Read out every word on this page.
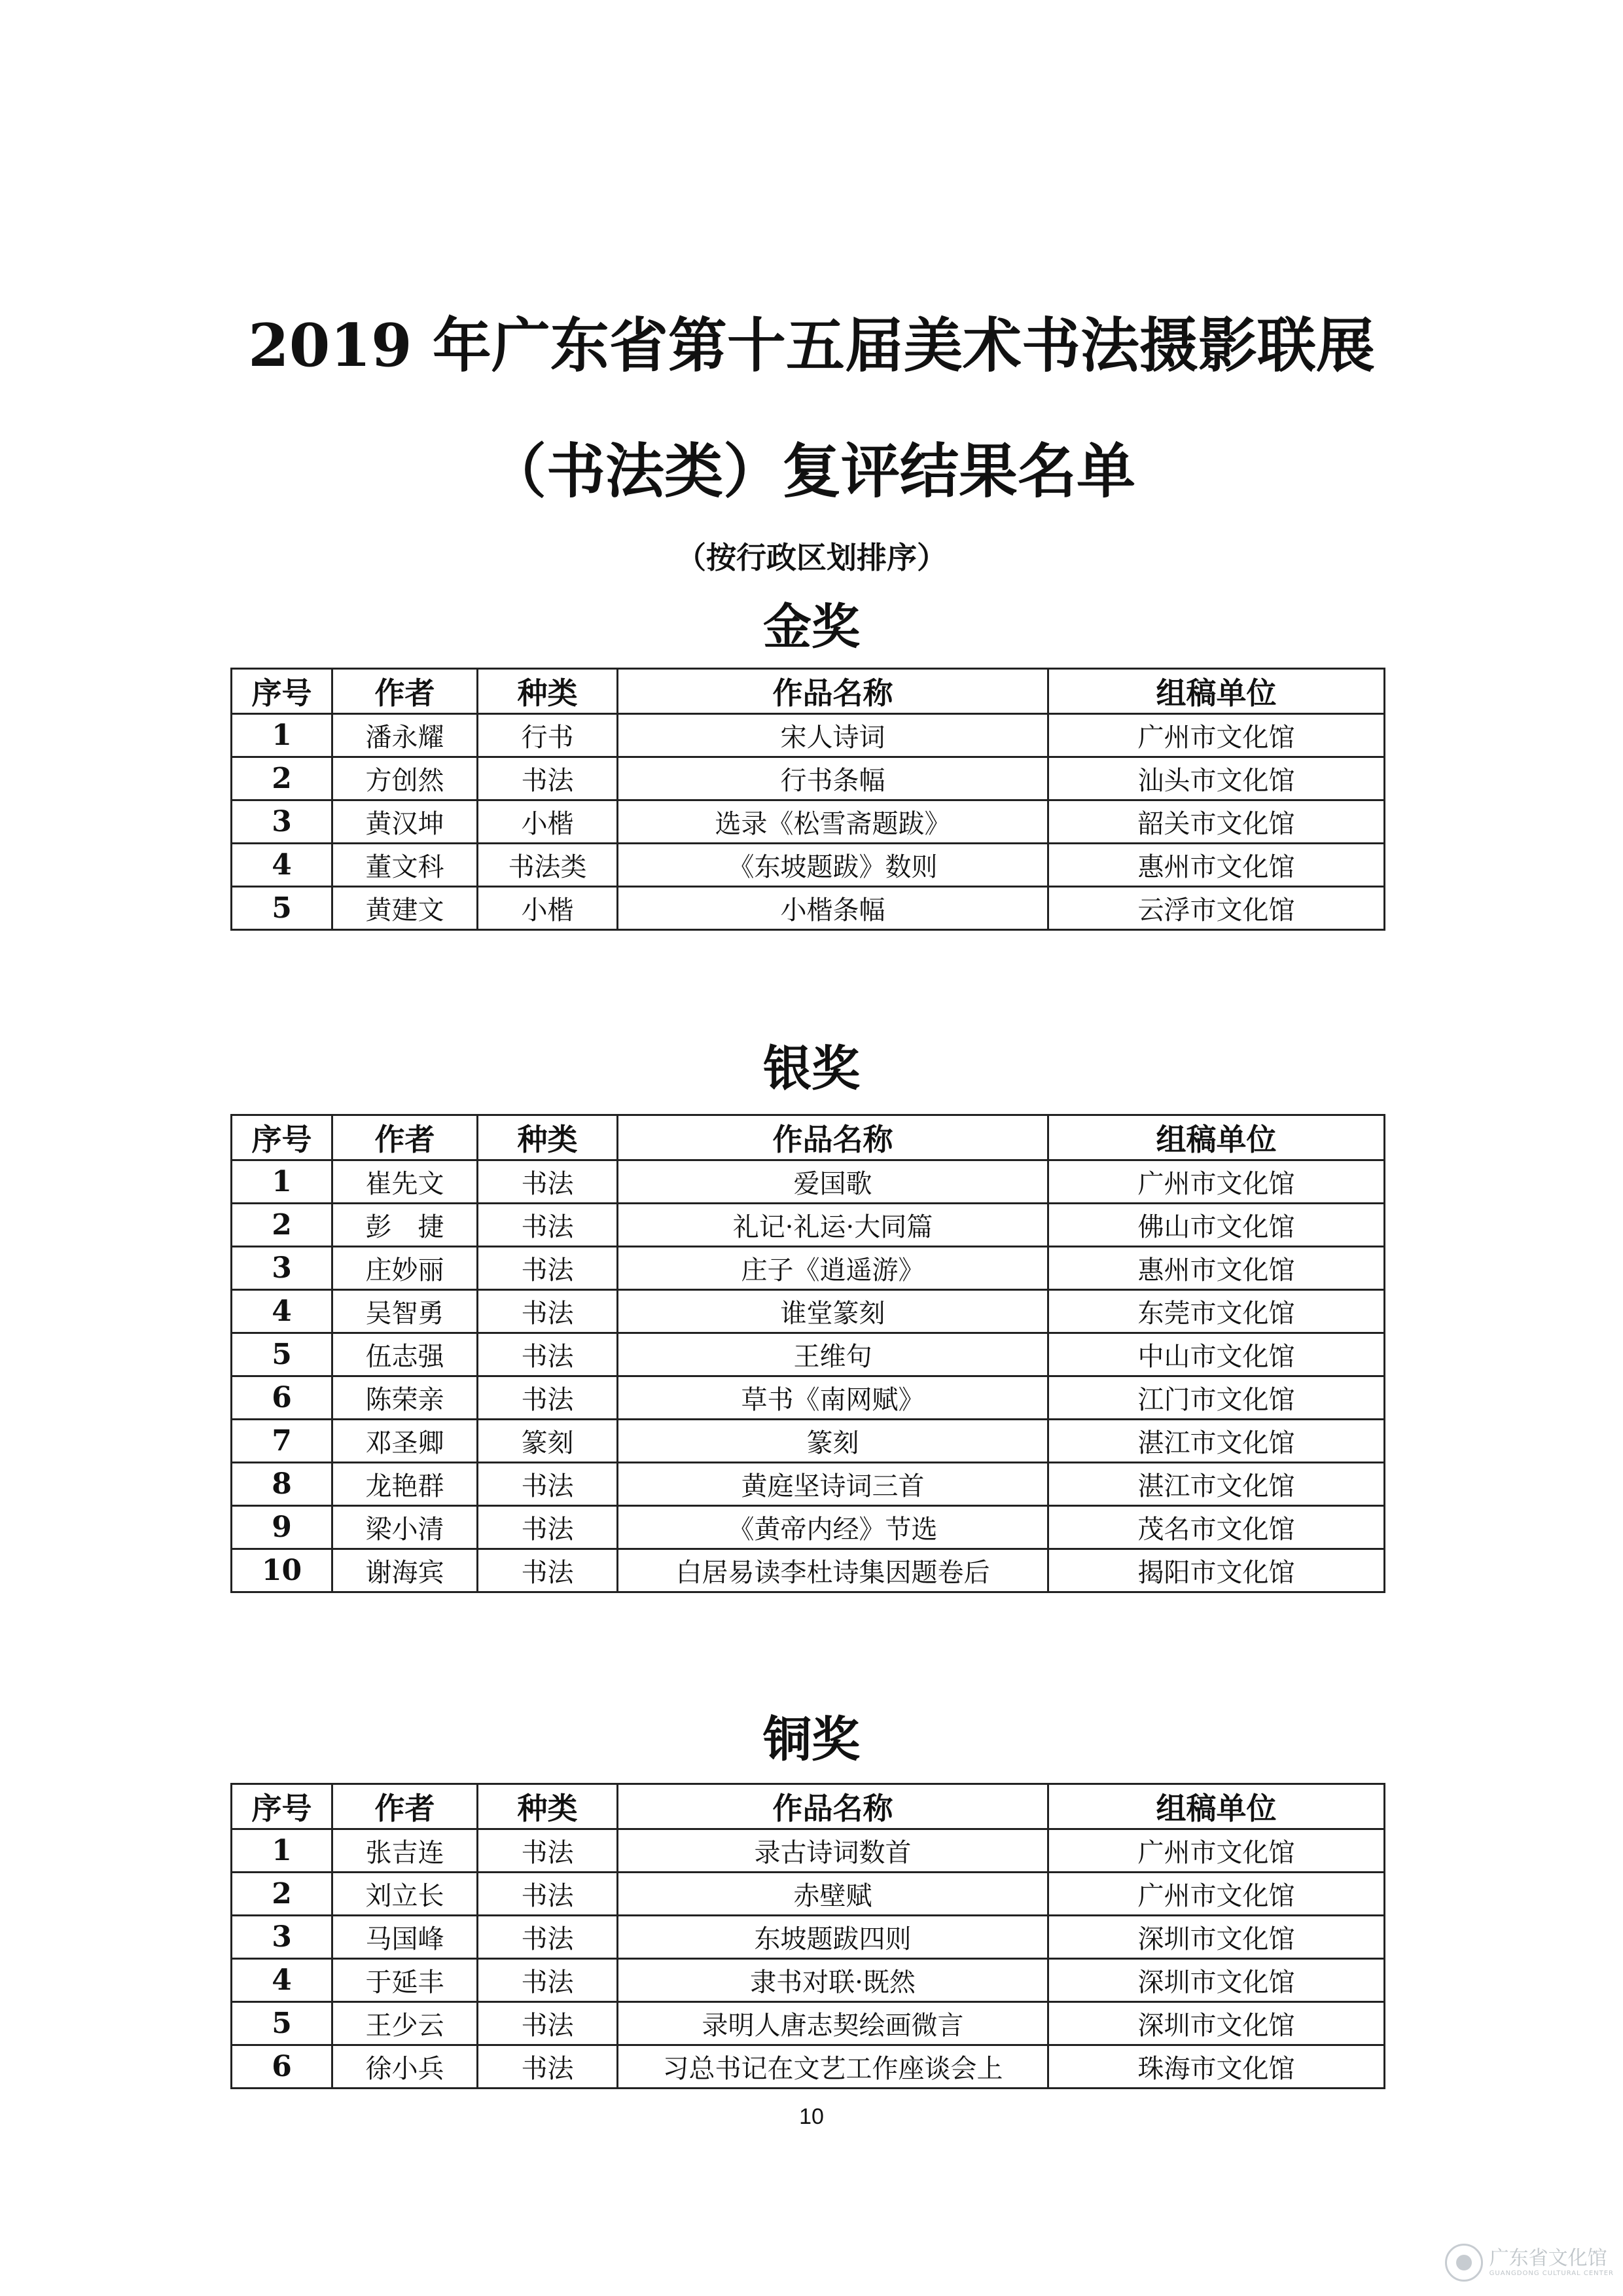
2019 年广东省第十五届美术书法摄影联展
（书法类）复评结果名单
（按行政区划排序）
金奖
序号	作者	种类	作品名称	组稿单位
1	潘永耀	行书	宋人诗词	广州市文化馆
2	方创然	书法	行书条幅	汕头市文化馆
3	黄汉坤	小楷	选录《松雪斋题跋》	韶关市文化馆
4	董文科	书法类	《东坡题跋》数则	惠州市文化馆
5	黄建文	小楷	小楷条幅	云浮市文化馆
银奖
序号	作者	种类	作品名称	组稿单位
1	崔先文	书法	爱国歌	广州市文化馆
2	彭　捷	书法	礼记·礼运·大同篇	佛山市文化馆
3	庄妙丽	书法	庄子《逍遥游》	惠州市文化馆
4	吴智勇	书法	谁堂篆刻	东莞市文化馆
5	伍志强	书法	王维句	中山市文化馆
6	陈荣亲	书法	草书《南网赋》	江门市文化馆
7	邓圣卿	篆刻	篆刻	湛江市文化馆
8	龙艳群	书法	黄庭坚诗词三首	湛江市文化馆
9	梁小清	书法	《黄帝内经》节选	茂名市文化馆
10	谢海宾	书法	白居易读李杜诗集因题卷后	揭阳市文化馆
铜奖
序号	作者	种类	作品名称	组稿单位
1	张吉连	书法	录古诗词数首	广州市文化馆
2	刘立长	书法	赤壁赋	广州市文化馆
3	马国峰	书法	东坡题跋四则	深圳市文化馆
4	于延丰	书法	隶书对联·既然	深圳市文化馆
5	王少云	书法	录明人唐志契绘画微言	深圳市文化馆
6	徐小兵	书法	习总书记在文艺工作座谈会上	珠海市文化馆
10
广东省文化馆
GUANGDONG CULTURAL CENTER
